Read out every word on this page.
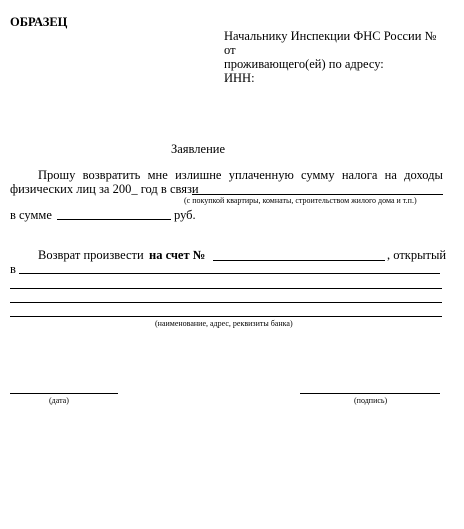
ОБРАЗЕЦ
Начальнику Инспекции ФНС России №
от
проживающего(ей) по адресу:
ИНН:
Заявление
Прошу возвратить мне излишне уплаченную сумму налога на доходы
физических лиц за 200_ год в связи
(с покупкой квартиры, комнаты, строительством жилого дома и т.п.)
в сумме	руб.
Возврат произвести на счет №	, открытый
в
(наименование, адрес, реквизиты банка)
(дата)	(подпись)
